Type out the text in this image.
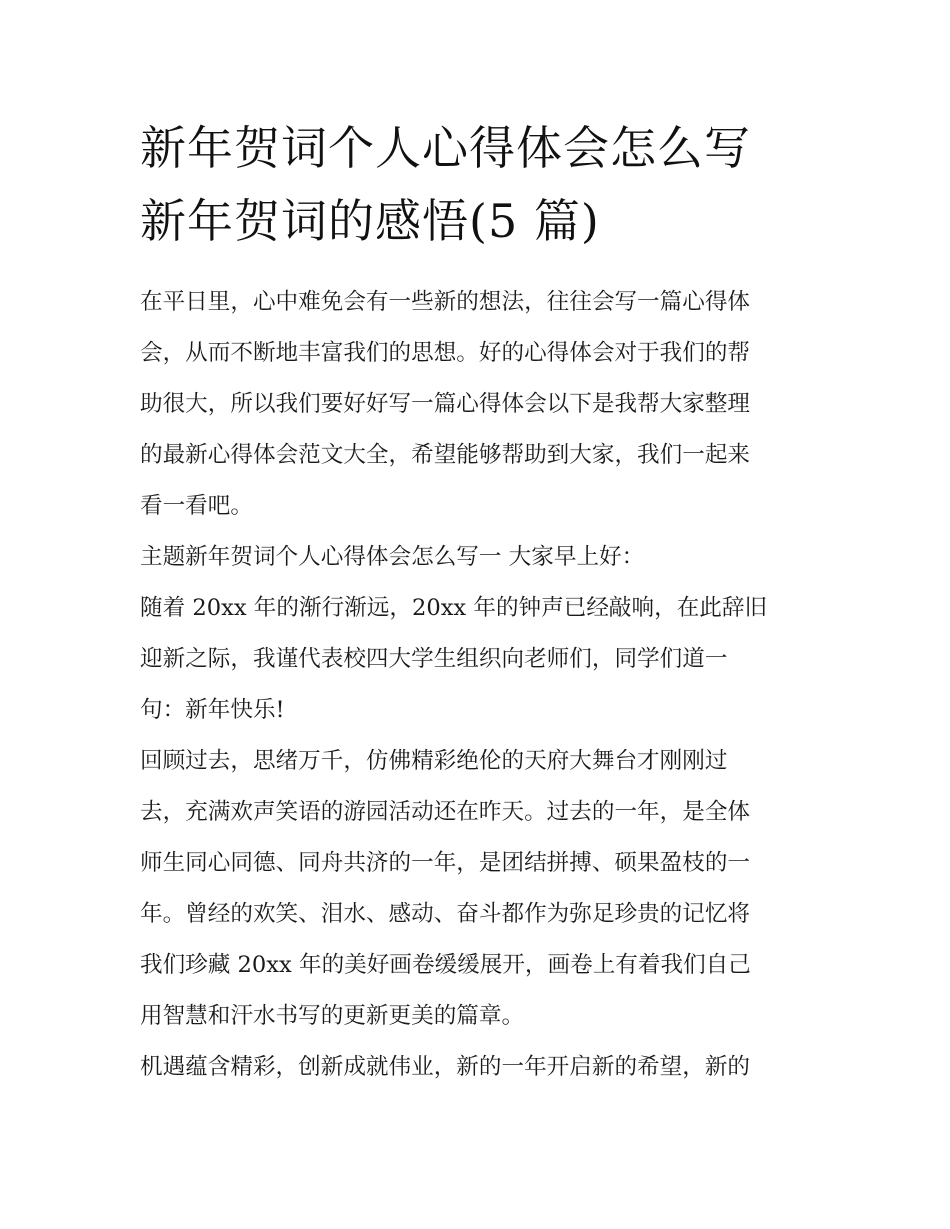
新年贺词个人心得体会怎么写
新年贺词的感悟(5 篇)
在平日里，心中难免会有一些新的想法，往往会写一篇心得体
会，从而不断地丰富我们的思想。好的心得体会对于我们的帮
助很大，所以我们要好好写一篇心得体会以下是我帮大家整理
的最新心得体会范文大全，希望能够帮助到大家，我们一起来
看一看吧。
主题新年贺词个人心得体会怎么写一 大家早上好：
随着 20xx 年的渐行渐远，20xx 年的钟声已经敲响，在此辞旧
迎新之际，我谨代表校四大学生组织向老师们，同学们道一
句：新年快乐!
回顾过去，思绪万千，仿佛精彩绝伦的天府大舞台才刚刚过
去，充满欢声笑语的游园活动还在昨天。过去的一年，是全体
师生同心同德、同舟共济的一年，是团结拼搏、硕果盈枝的一
年。曾经的欢笑、泪水、感动、奋斗都作为弥足珍贵的记忆将
我们珍藏 20xx 年的美好画卷缓缓展开，画卷上有着我们自己
用智慧和汗水书写的更新更美的篇章。
机遇蕴含精彩，创新成就伟业，新的一年开启新的希望，新的
